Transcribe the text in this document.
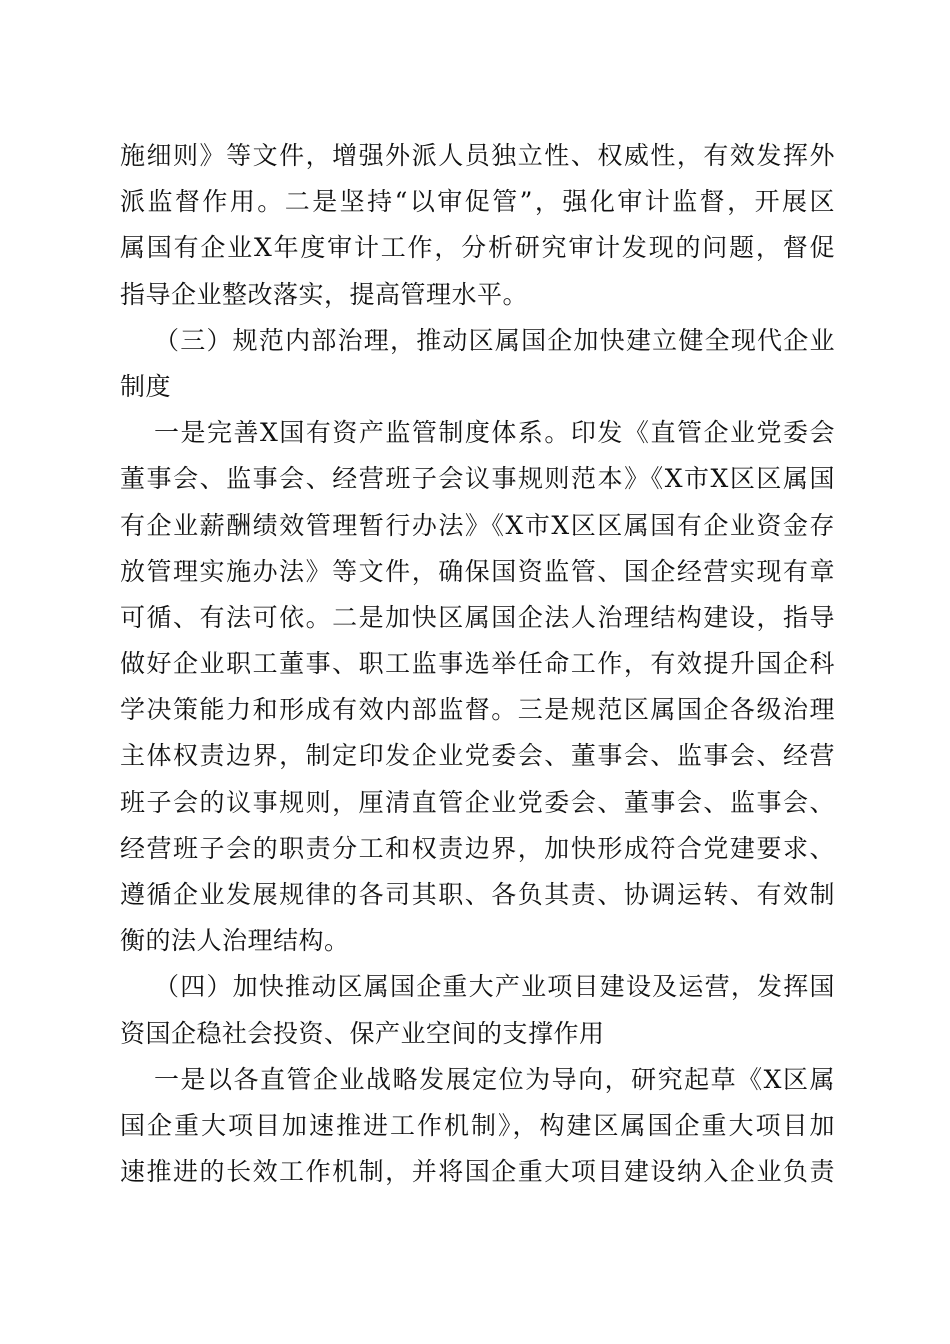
施细则》等文件，增强外派人员独立性、权威性，有效发挥外
派监督作用。二是坚持“以审促管”，强化审计监督，开展区
属国有企业X年度审计工作，分析研究审计发现的问题，督促
指导企业整改落实，提高管理水平。
（三）规范内部治理，推动区属国企加快建立健全现代企业
制度
一是完善X国有资产监管制度体系。印发《直管企业党委会
董事会、监事会、经营班子会议事规则范本》《X市X区区属国
有企业薪酬绩效管理暂行办法》《X市X区区属国有企业资金存
放管理实施办法》等文件，确保国资监管、国企经营实现有章
可循、有法可依。二是加快区属国企法人治理结构建设，指导
做好企业职工董事、职工监事选举任命工作，有效提升国企科
学决策能力和形成有效内部监督。三是规范区属国企各级治理
主体权责边界，制定印发企业党委会、董事会、监事会、经营
班子会的议事规则，厘清直管企业党委会、董事会、监事会、
经营班子会的职责分工和权责边界，加快形成符合党建要求、
遵循企业发展规律的各司其职、各负其责、协调运转、有效制
衡的法人治理结构。
（四）加快推动区属国企重大产业项目建设及运营，发挥国
资国企稳社会投资、保产业空间的支撑作用
一是以各直管企业战略发展定位为导向，研究起草《X区属
国企重大项目加速推进工作机制》，构建区属国企重大项目加
速推进的长效工作机制，并将国企重大项目建设纳入企业负责
